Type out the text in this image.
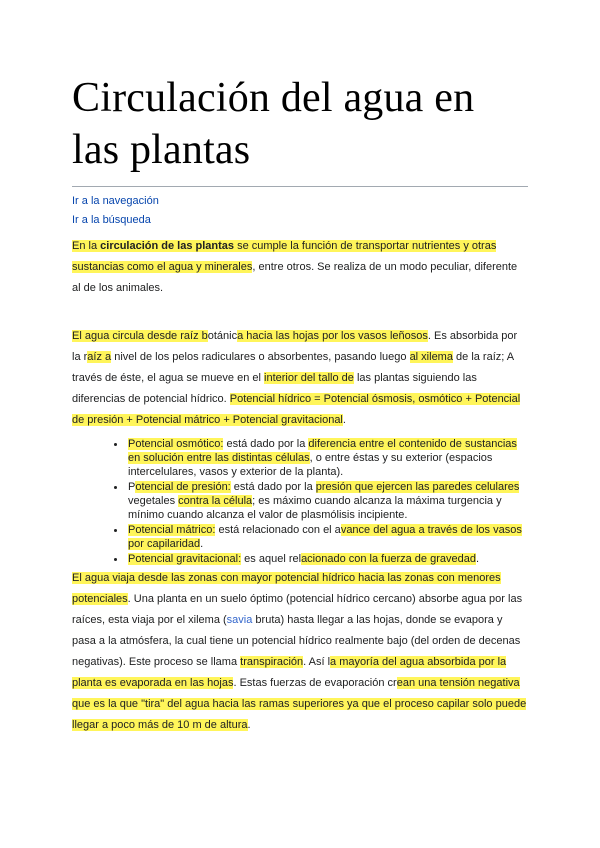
Circulación del agua en las plantas
Ir a la navegación
Ir a la búsqueda

En la circulación de las plantas se cumple la función de transportar nutrientes y otras sustancias como el agua y minerales, entre otros. Se realiza de un modo peculiar, diferente al de los animales.

El agua circula desde raíz botánica hacia las hojas por los vasos leñosos. Es absorbida por la raíz a nivel de los pelos radiculares o absorbentes, pasando luego al xilema de la raíz; A través de éste, el agua se mueve en el interior del tallo de las plantas siguiendo las diferencias de potencial hídrico. Potencial hídrico = Potencial ósmosis, osmótico + Potencial de presión + Potencial mátrico + Potencial gravitacional.

• Potencial osmótico: está dado por la diferencia entre el contenido de sustancias en solución entre las distintas células, o entre éstas y su exterior (espacios intercelulares, vasos y exterior de la planta).
• Potencial de presión: está dado por la presión que ejercen las paredes celulares vegetales contra la célula; es máximo cuando alcanza la máxima turgencia y mínimo cuando alcanza el valor de plasmólisis incipiente.
• Potencial mátrico: está relacionado con el avance del agua a través de los vasos por capilaridad.
• Potencial gravitacional: es aquel relacionado con la fuerza de gravedad.

El agua viaja desde las zonas con mayor potencial hídrico hacia las zonas con menores potenciales. Una planta en un suelo óptimo (potencial hídrico cercano) absorbe agua por las raíces, esta viaja por el xilema (savia bruta) hasta llegar a las hojas, donde se evapora y pasa a la atmósfera, la cual tiene un potencial hídrico realmente bajo (del orden de decenas negativas). Este proceso se llama transpiración. Así la mayoría del agua absorbida por la planta es evaporada en las hojas. Estas fuerzas de evaporación crean una tensión negativa que es la que "tira" del agua hacia las ramas superiores ya que el proceso capilar solo puede llegar a poco más de 10 m de altura.
